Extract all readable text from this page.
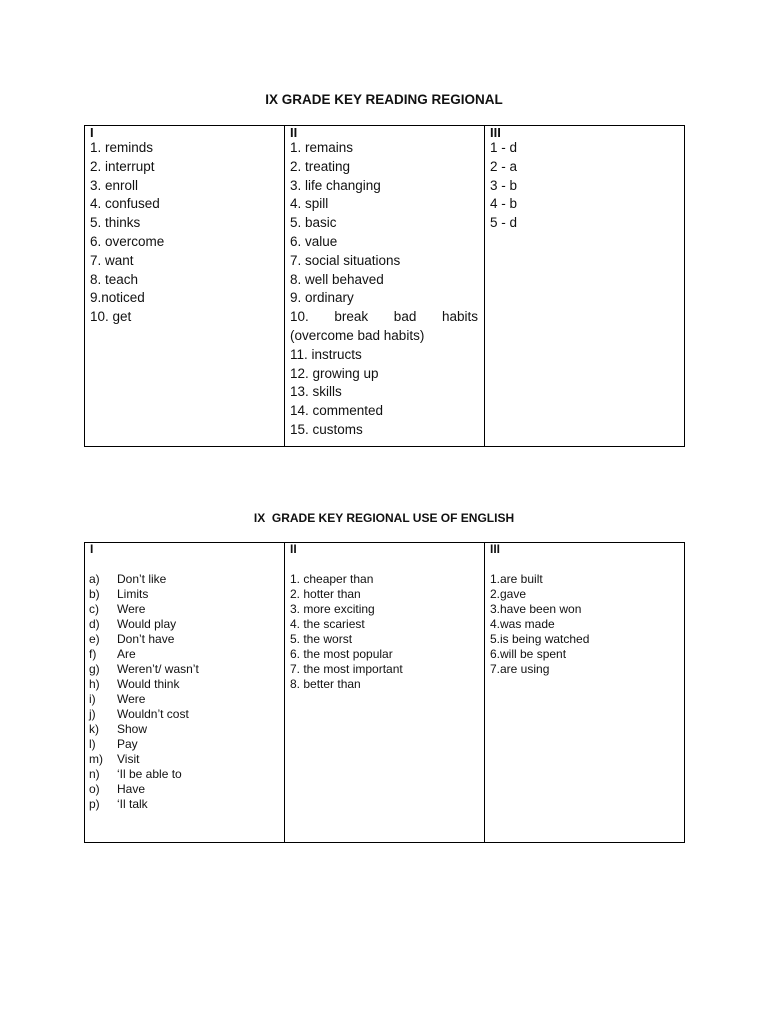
IX GRADE KEY READING REGIONAL
I
1. reminds
2. interrupt
3. enroll
4. confused
5. thinks
6. overcome
7. want
8. teach
9.noticed
10. get

II
1. remains
2. treating
3. life changing
4. spill
5. basic
6. value
7. social situations
8. well behaved
9. ordinary
10. break bad habits
(overcome bad habits)
11. instructs
12. growing up
13. skills
14. commented
15. customs

III
1 - d
2 - a
3 - b
4 - b
5 - d
IX  GRADE KEY REGIONAL USE OF ENGLISH
I
a) Don’t like
b) Limits
c) Were
d) Would play
e) Don’t have
f) Are
g) Weren’t/ wasn’t
h) Would think
i) Were
j) Wouldn’t cost
k) Show
l) Pay
m) Visit
n) ‘Il be able to
o) Have
p) ‘Il talk

II
1. cheaper than
2. hotter than
3. more exciting
4. the scariest
5. the worst
6. the most popular
7. the most important
8. better than

III
1.are built
2.gave
3.have been won
4.was made
5.is being watched
6.will be spent
7.are using
